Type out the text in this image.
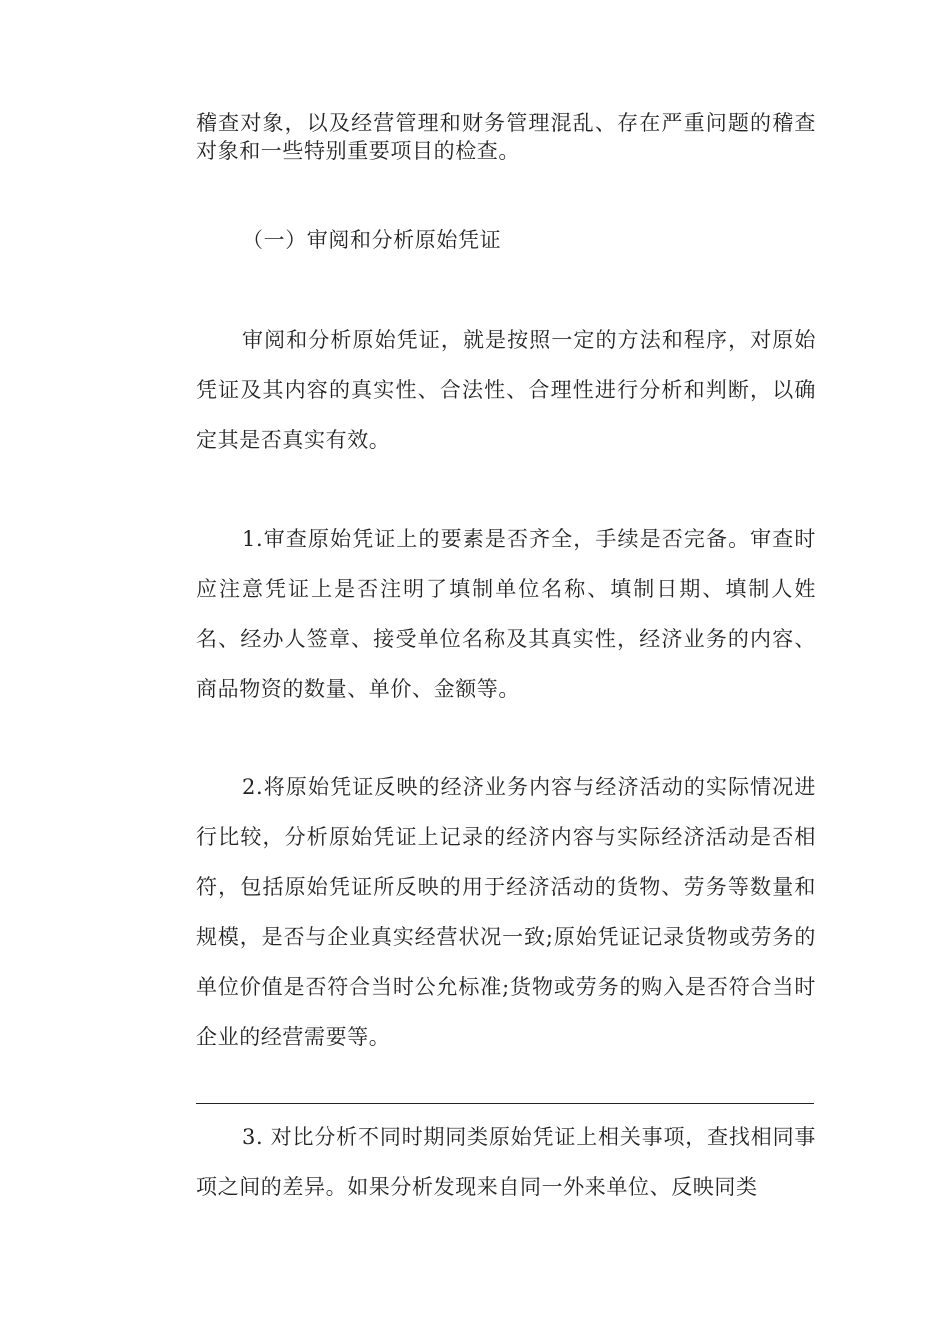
稽查对象，以及经营管理和财务管理混乱、存在严重问题的稽查对象和一些特别重要项目的检查。

（一）审阅和分析原始凭证

审阅和分析原始凭证，就是按照一定的方法和程序，对原始凭证及其内容的真实性、合法性、合理性进行分析和判断，以确定其是否真实有效。

1.审查原始凭证上的要素是否齐全，手续是否完备。审查时应注意凭证上是否注明了填制单位名称、填制日期、填制人姓名、经办人签章、接受单位名称及其真实性，经济业务的内容、商品物资的数量、单价、金额等。

2.将原始凭证反映的经济业务内容与经济活动的实际情况进行比较，分析原始凭证上记录的经济内容与实际经济活动是否相符，包括原始凭证所反映的用于经济活动的货物、劳务等数量和规模，是否与企业真实经营状况一致;原始凭证记录货物或劳务的单位价值是否符合当时公允标准;货物或劳务的购入是否符合当时企业的经营需要等。

3. 对比分析不同时期同类原始凭证上相关事项，查找相同事项之间的差异。如果分析发现来自同一外来单位、反映同类
